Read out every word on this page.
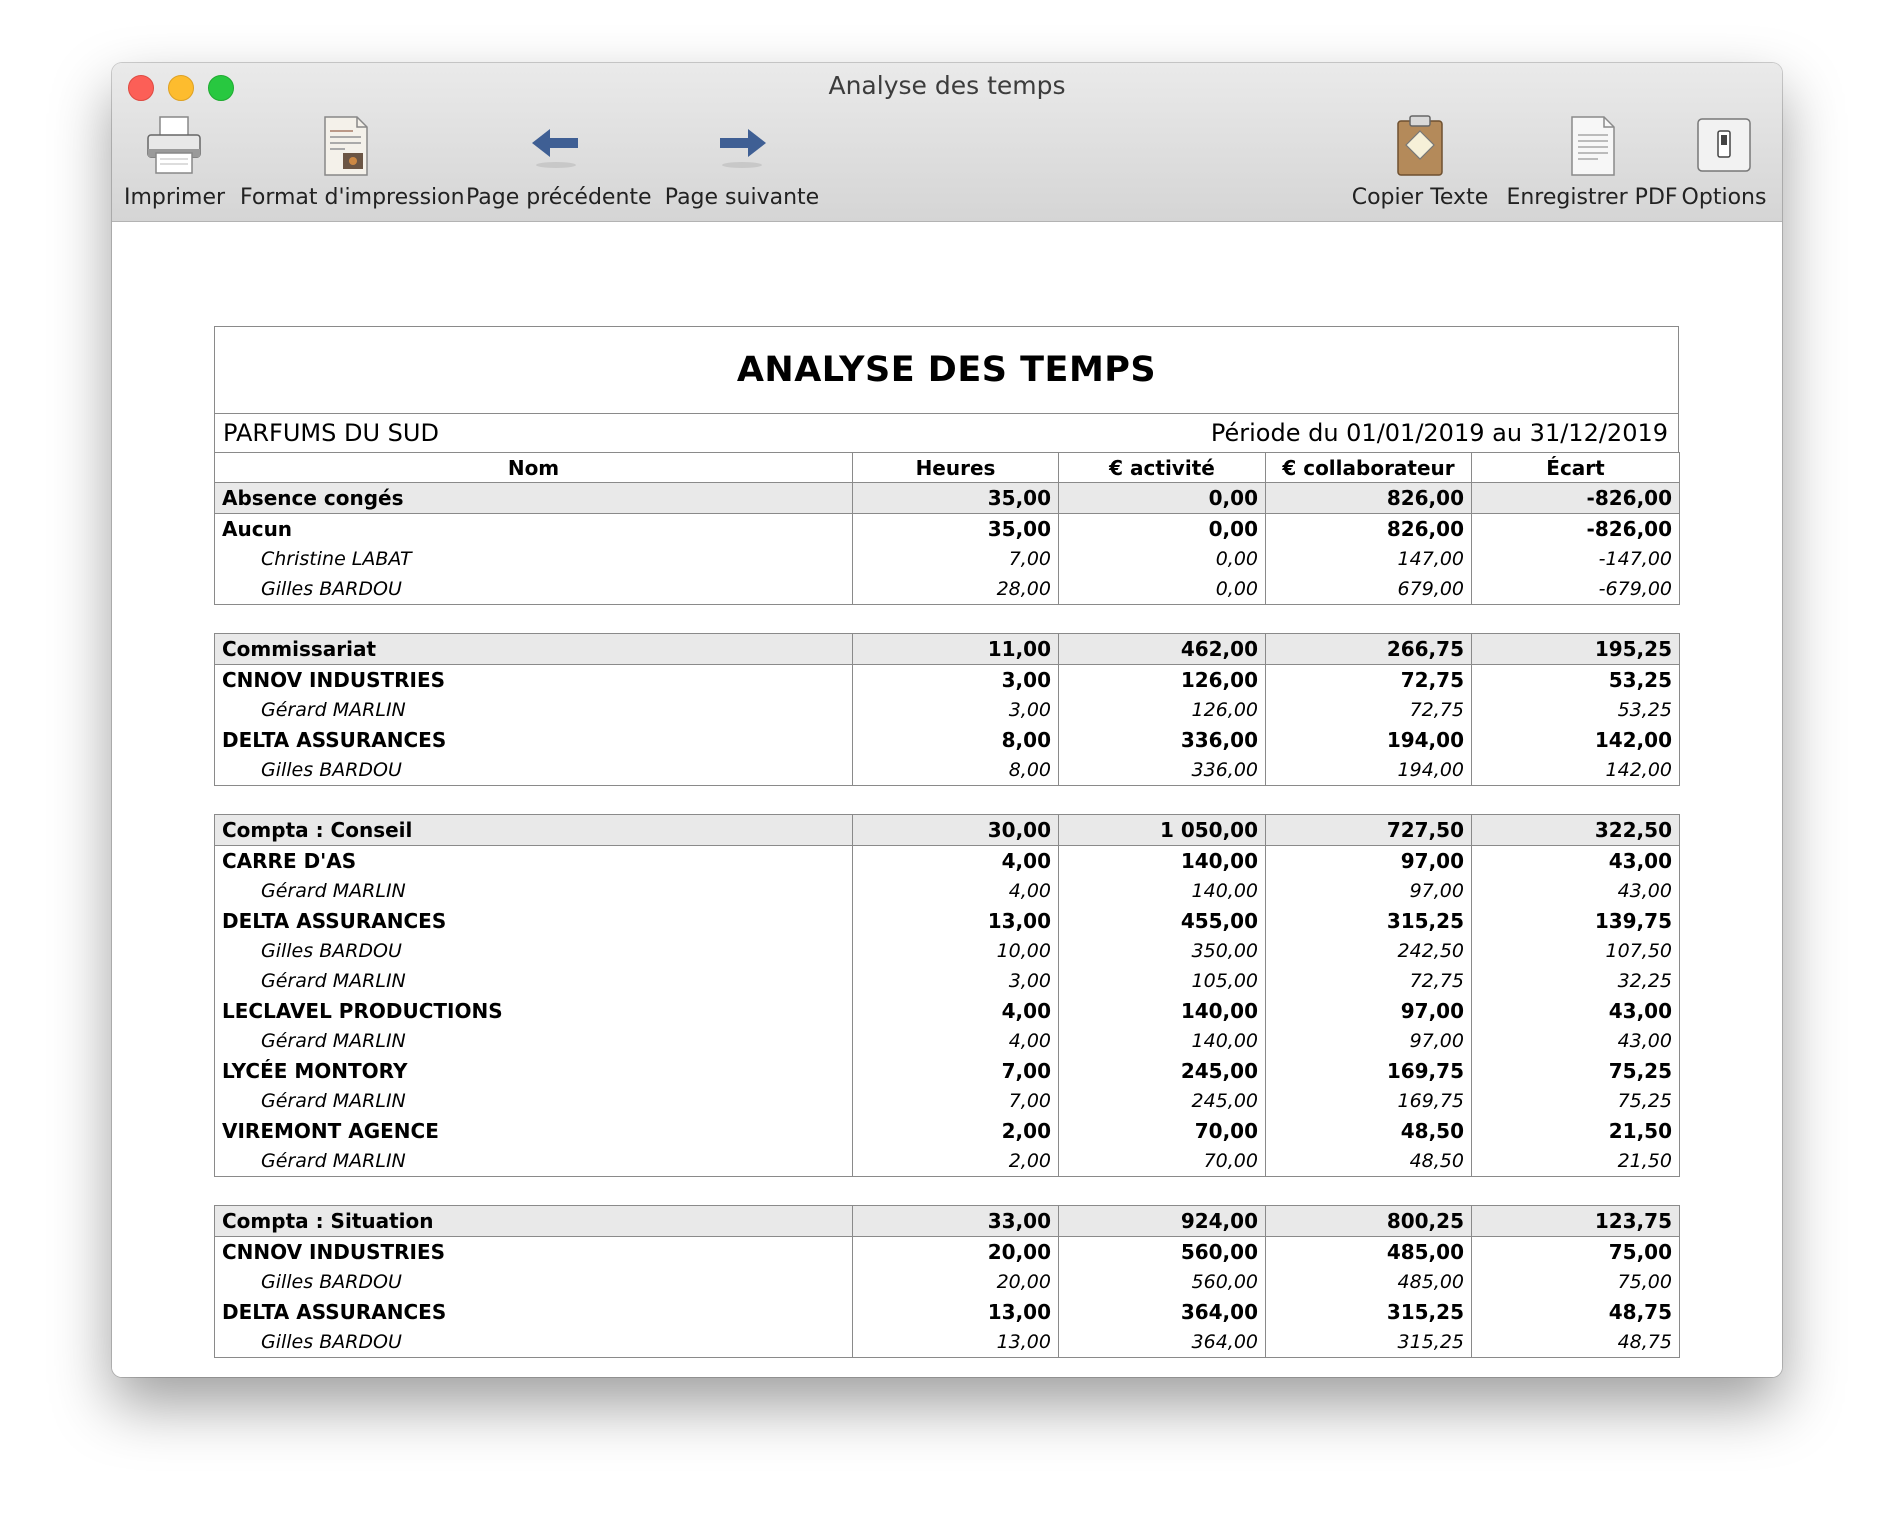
Analyse des temps
Imprimer Format d'impression Page précédente Page suivante	Copier Texte Enregistrer PDF Options
ANALYSE DES TEMPS
PARFUMS DU SUD	Période du 01/01/2019 au 31/12/2019
Nom	Heures	€ activité	€ collaborateur	Écart
Absence congés	35,00	0,00	826,00	-826,00
Aucun	35,00	0,00	826,00	-826,00
Christine LABAT	7,00	0,00	147,00	-147,00
Gilles BARDOU	28,00	0,00	679,00	-679,00

Commissariat	11,00	462,00	266,75	195,25
CNNOV INDUSTRIES	3,00	126,00	72,75	53,25
Gérard MARLIN	3,00	126,00	72,75	53,25
DELTA ASSURANCES	8,00	336,00	194,00	142,00
Gilles BARDOU	8,00	336,00	194,00	142,00

Compta : Conseil	30,00	1 050,00	727,50	322,50
CARRE D'AS	4,00	140,00	97,00	43,00
Gérard MARLIN	4,00	140,00	97,00	43,00
DELTA ASSURANCES	13,00	455,00	315,25	139,75
Gilles BARDOU	10,00	350,00	242,50	107,50
Gérard MARLIN	3,00	105,00	72,75	32,25
LECLAVEL PRODUCTIONS	4,00	140,00	97,00	43,00
Gérard MARLIN	4,00	140,00	97,00	43,00
LYCÉE MONTORY	7,00	245,00	169,75	75,25
Gérard MARLIN	7,00	245,00	169,75	75,25
VIREMONT AGENCE	2,00	70,00	48,50	21,50
Gérard MARLIN	2,00	70,00	48,50	21,50

Compta : Situation	33,00	924,00	800,25	123,75
CNNOV INDUSTRIES	20,00	560,00	485,00	75,00
Gilles BARDOU	20,00	560,00	485,00	75,00
DELTA ASSURANCES	13,00	364,00	315,25	48,75
Gilles BARDOU	13,00	364,00	315,25	48,75
